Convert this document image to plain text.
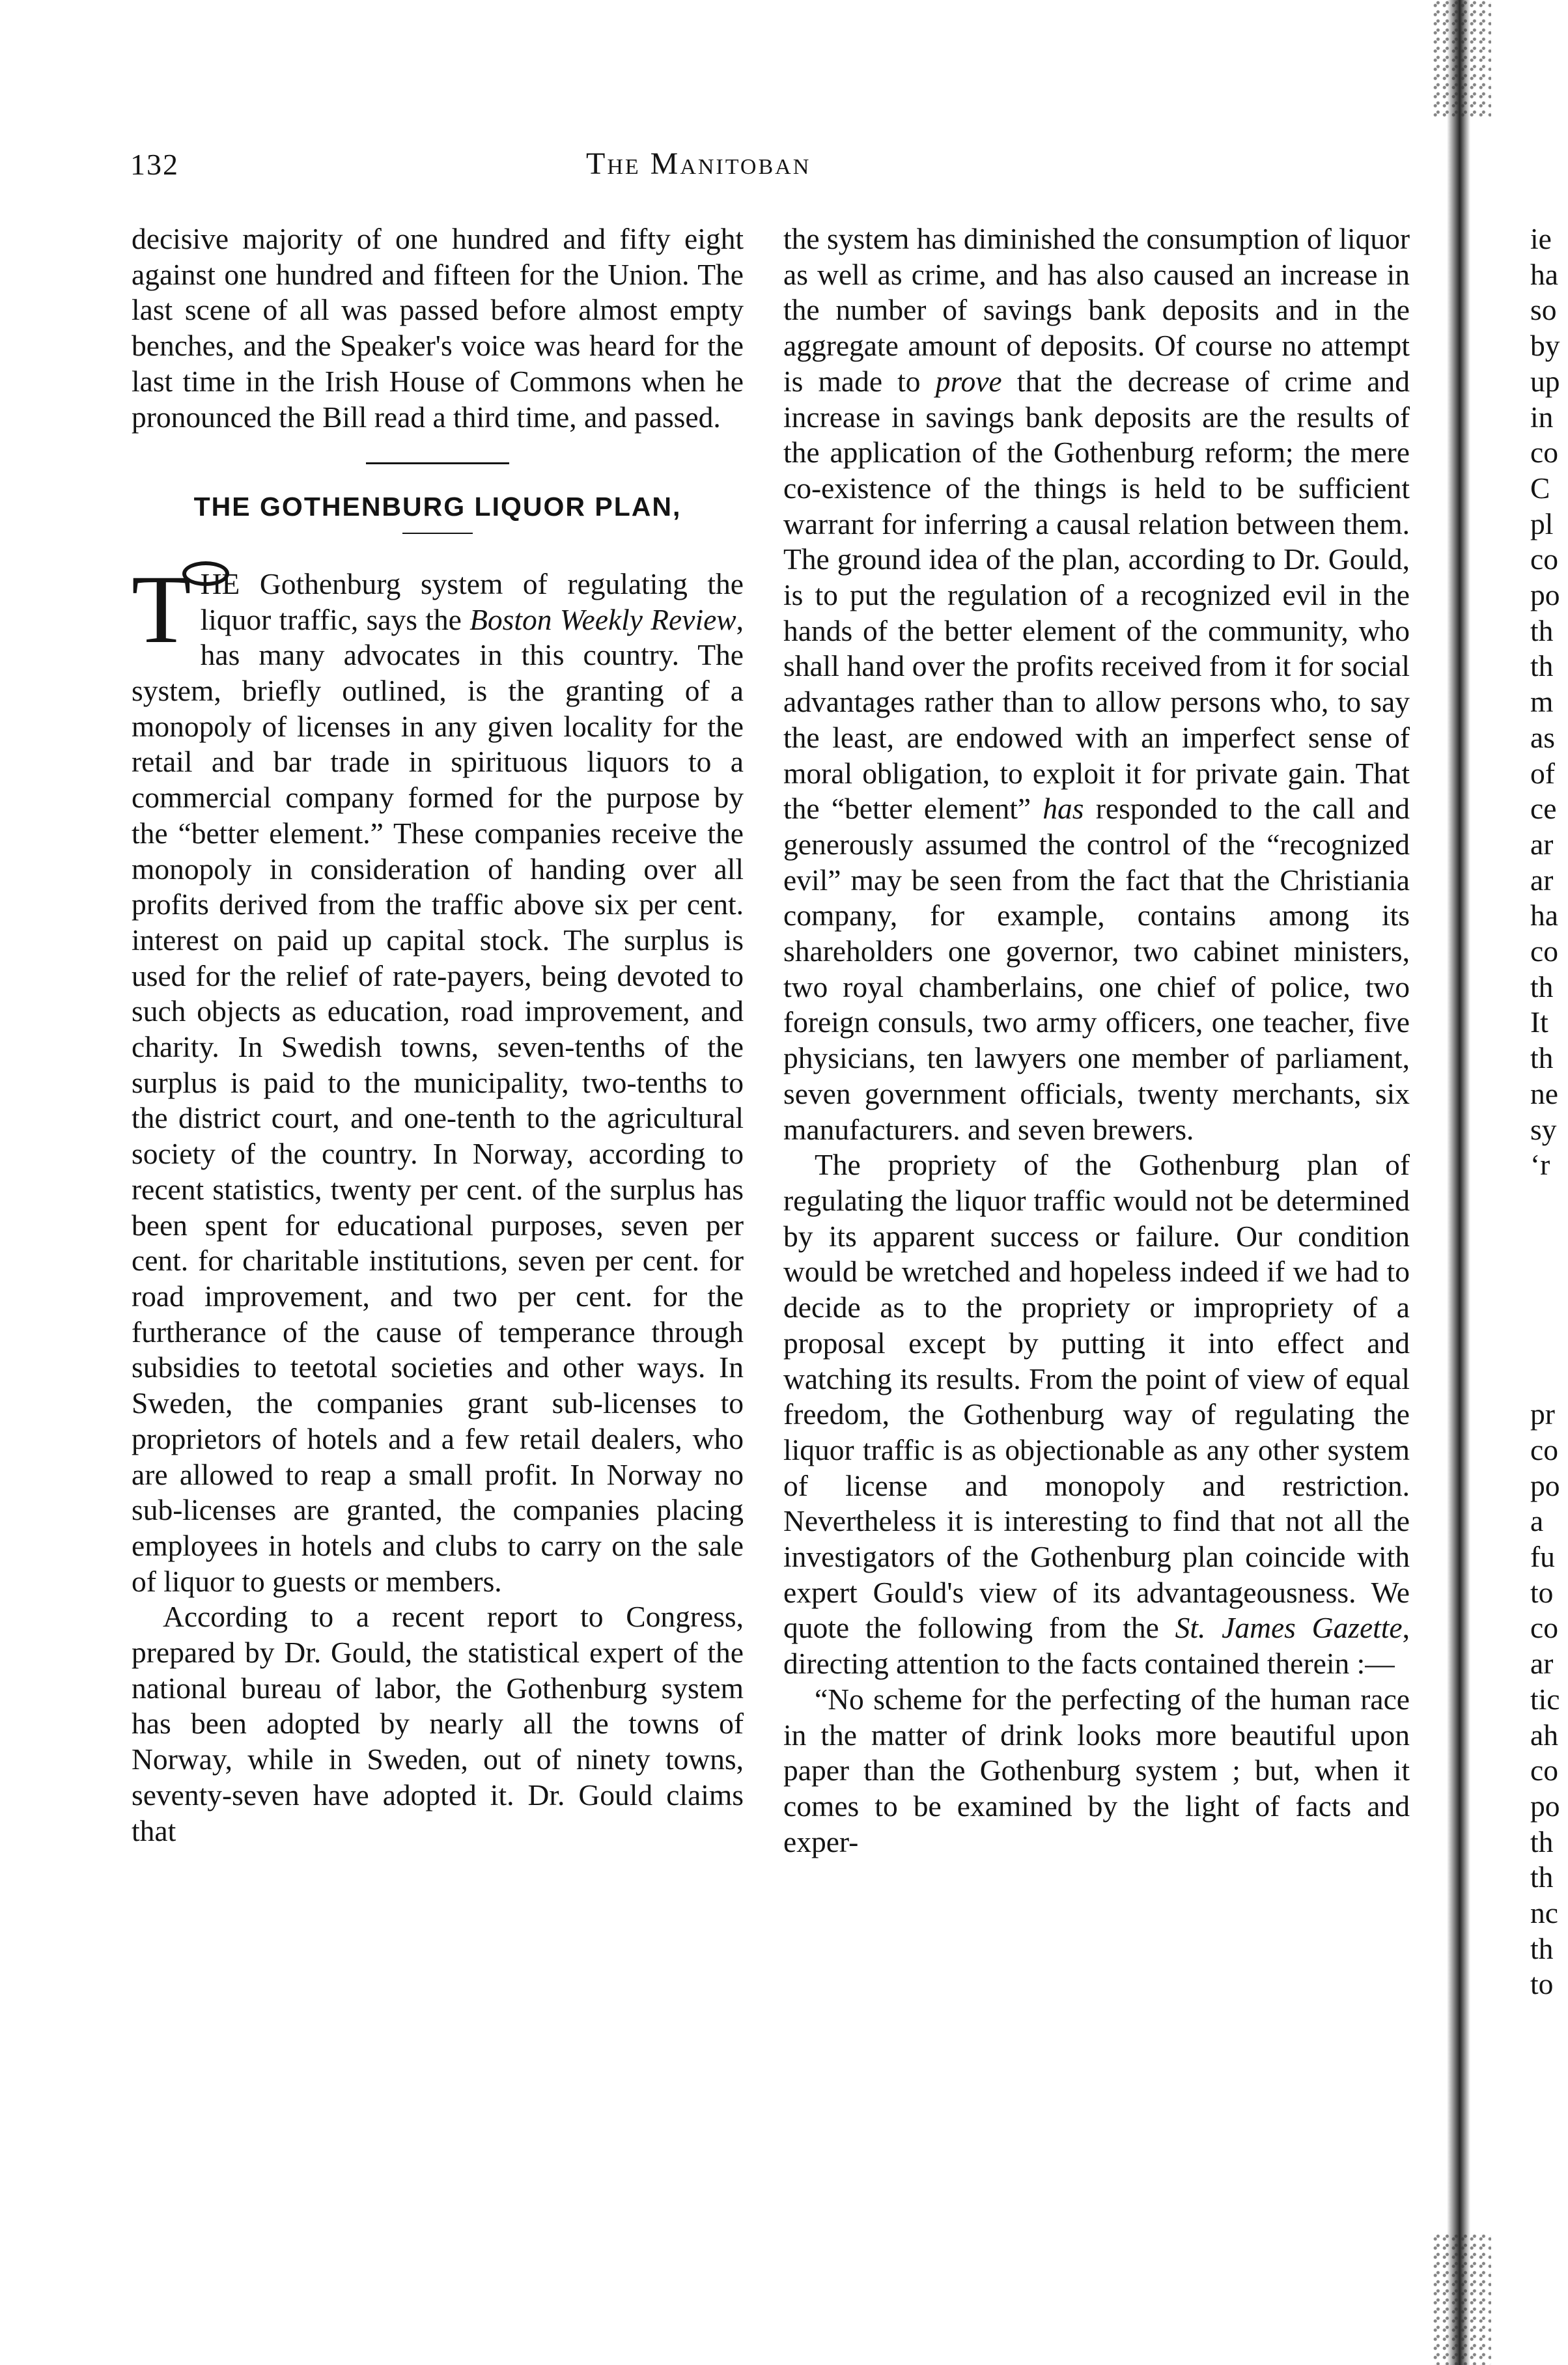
132	The Manitoban

decisive majority of one hundred and fifty eight against one hundred and fifteen for the Union. The last scene of all was passed before almost empty benches, and the Speaker's voice was heard for the last time in the Irish House of Commons when he pronounced the Bill read a third time, and passed.

THE GOTHENBURG LIQUOR PLAN,

THE Gothenburg system of regulating the liquor traffic, says the Boston Weekly Review, has many advocates in this country. The system, briefly outlined, is the granting of a monopoly of licenses in any given locality for the retail and bar trade in spirituous liquors to a commercial company formed for the purpose by the “better element.” These companies receive the monopoly in consideration of handing over all profits derived from the traffic above six per cent. interest on paid up capital stock. The surplus is used for the relief of rate-payers, being devoted to such objects as education, road improvement, and charity. In Swedish towns, seven-tenths of the surplus is paid to the municipality, two-tenths to the district court, and one-tenth to the agricultural society of the country. In Norway, according to recent statistics, twenty per cent. of the surplus has been spent for educational purposes, seven per cent. for charitable institutions, seven per cent. for road improvement, and two per cent. for the furtherance of the cause of temperance through subsidies to teetotal societies and other ways. In Sweden, the companies grant sub-licenses to proprietors of hotels and a few retail dealers, who are allowed to reap a small profit. In Norway no sub-licenses are granted, the companies placing employees in hotels and clubs to carry on the sale of liquor to guests or members.

According to a recent report to Congress, prepared by Dr. Gould, the statistical expert of the national bureau of labor, the Gothenburg system has been adopted by nearly all the towns of Norway, while in Sweden, out of ninety towns, seventy-seven have adopted it. Dr. Gould claims that

the system has diminished the consumption of liquor as well as crime, and has also caused an increase in the number of savings bank deposits and in the aggregate amount of deposits. Of course no attempt is made to prove that the decrease of crime and increase in savings bank deposits are the results of the application of the Gothenburg reform; the mere co-existence of the things is held to be sufficient warrant for inferring a causal relation between them. The ground idea of the plan, according to Dr. Gould, is to put the regulation of a recognized evil in the hands of the better element of the community, who shall hand over the profits received from it for social advantages rather than to allow persons who, to say the least, are endowed with an imperfect sense of moral obligation, to exploit it for private gain. That the “better element” has responded to the call and generously assumed the control of the “recognized evil” may be seen from the fact that the Christiania company, for example, contains among its shareholders one governor, two cabinet ministers, two royal chamberlains, one chief of police, two foreign consuls, two army officers, one teacher, five physicians, ten lawyers one member of parliament, seven government officials, twenty merchants, six manufacturers. and seven brewers.

The propriety of the Gothenburg plan of regulating the liquor traffic would not be determined by its apparent success or failure. Our condition would be wretched and hopeless indeed if we had to decide as to the propriety or impropriety of a proposal except by putting it into effect and watching its results. From the point of view of equal freedom, the Gothenburg way of regulating the liquor traffic is as objectionable as any other system of license and monopoly and restriction. Nevertheless it is interesting to find that not all the investigators of the Gothenburg plan coincide with expert Gould's view of its advantageousness. We quote the following from the St. James Gazette, directing attention to the facts contained therein :—

“No scheme for the perfecting of the human race in the matter of drink looks more beautiful upon paper than the Gothenburg system ; but, when it comes to be examined by the light of facts and exper-

ie
ha
so
by
up
in
co
C
pl
co
po
th
th
m
as
of
ce
ar
ar
ha
co
th
It
th
ne
sy
‘r

pr
co
po
a
fu
to
co
ar
tic
ah
co
po
th
th
nc
th
to
